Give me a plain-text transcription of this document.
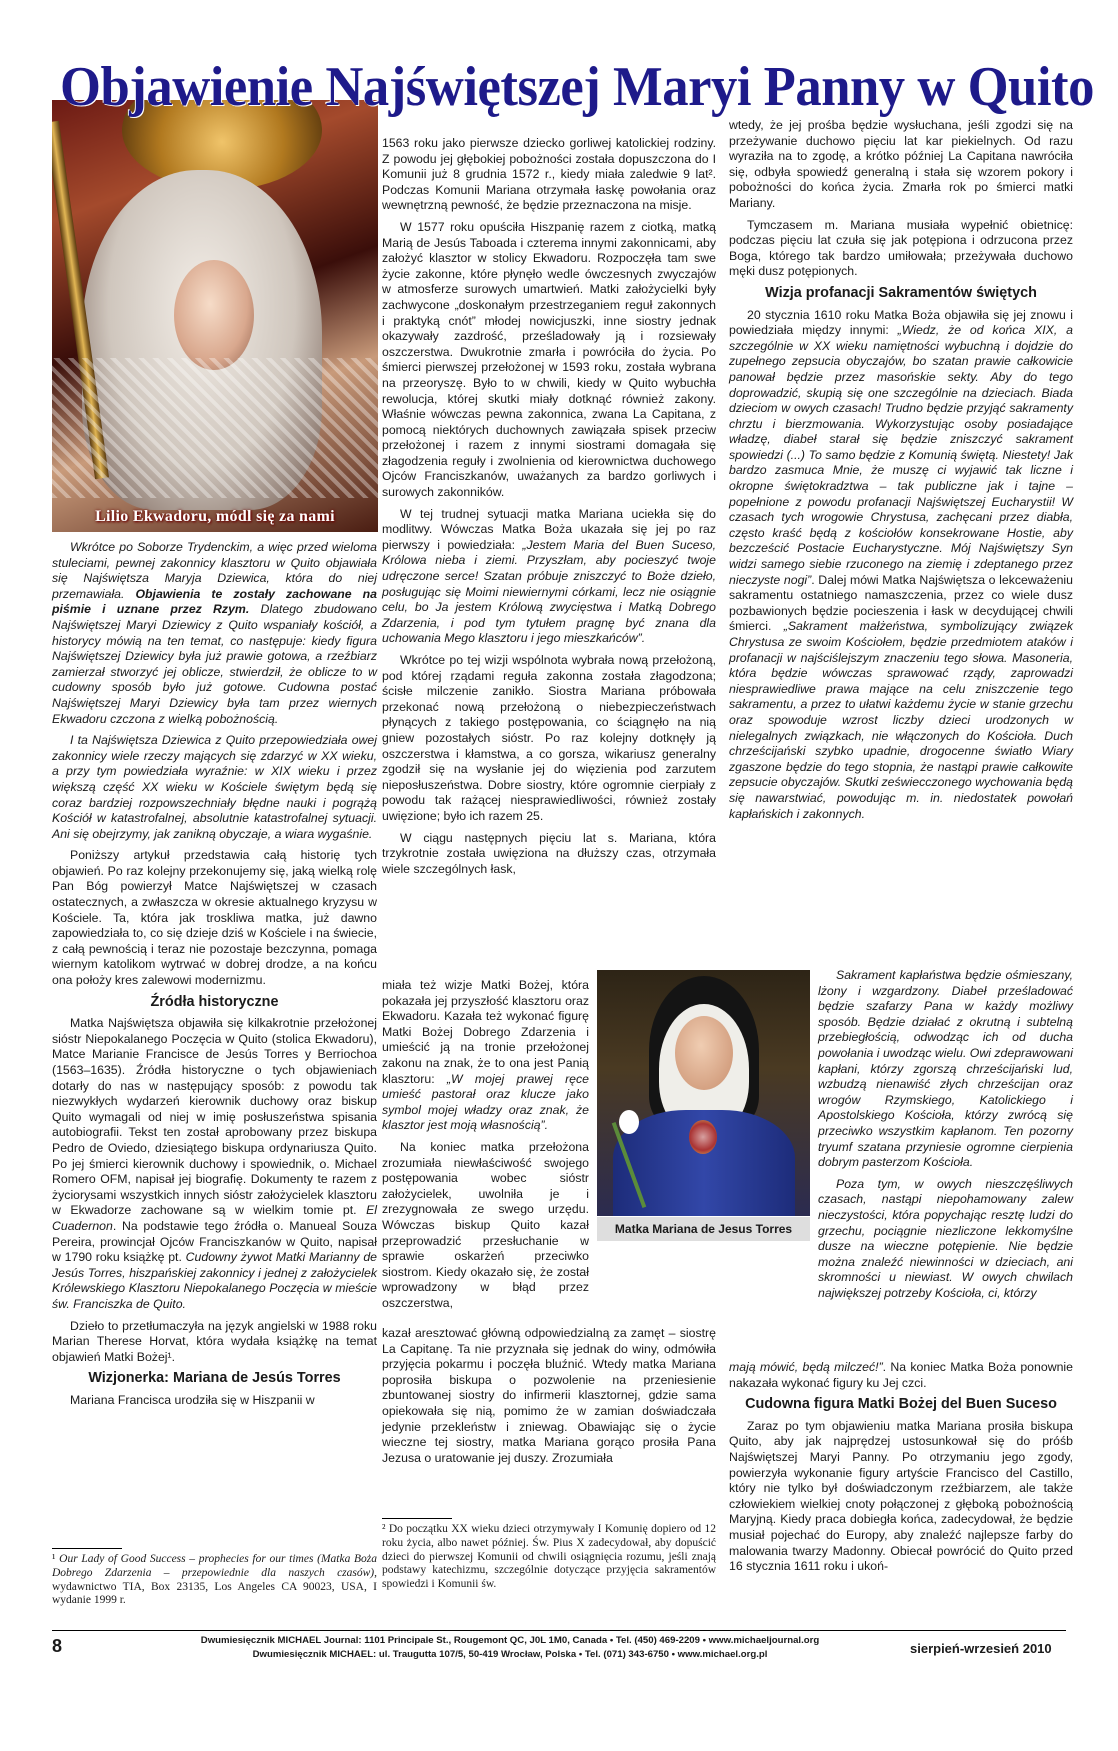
Lilio Ekwadoru, módl się za nami
Objawienie Najświętszej Maryi Panny w Quito

Wkrótce po Soborze Trydenckim, a więc przed wieloma stuleciami, pewnej zakonnicy klasztoru w Quito objawiała się Najświętsza Maryja Dziewica, która do niej przemawiała. Objawienia te zostały zachowane na piśmie i uznane przez Rzym. Dlatego zbudowano Najświętszej Maryi Dziewicy z Quito wspaniały kościół, a historycy mówią na ten temat, co następuje: kiedy figura Najświętszej Dziewicy była już prawie gotowa, a rzeźbiarz zamierzał stworzyć jej oblicze, stwierdził, że oblicze to w cudowny sposób było już gotowe. Cudowna postać Najświętszej Maryi Dziewicy była tam przez wiernych Ekwadoru czczona z wielką pobożnością.

I ta Najświętsza Dziewica z Quito przepowiedziała owej zakonnicy wiele rzeczy mających się zdarzyć w XX wieku, a przy tym powiedziała wyraźnie: w XIX wieku i przez większą część XX wieku w Kościele świętym będą się coraz bardziej rozpowszechniały błędne nauki i pogrążą Kościół w katastrofalnej, absolutnie katastrofalnej sytuacji. Ani się obejrzymy, jak zanikną obyczaje, a wiara wygaśnie.

Poniższy artykuł przedstawia całą historię tych objawień. Po raz kolejny przekonujemy się, jaką wielką rolę Pan Bóg powierzył Matce Najświętszej w czasach ostatecznych, a zwłaszcza w okresie aktualnego kryzysu w Kościele. Ta, która jak troskliwa matka, już dawno zapowiedziała to, co się dzieje dziś w Kościele i na świecie, z całą pewnością i teraz nie pozostaje bezczynna, pomaga wiernym katolikom wytrwać w dobrej drodze, a na końcu ona położy kres zalewowi modernizmu.

Źródła historyczne

Matka Najświętsza objawiła się kilkakrotnie przełożonej sióstr Niepokalanego Poczęcia w Quito (stolica Ekwadoru), Matce Marianie Francisce de Jesús Torres y Berriochoa (1563–1635). Źródła historyczne o tych objawieniach dotarły do nas w następujący sposób: z powodu tak niezwykłych wydarzeń kierownik duchowy oraz biskup Quito wymagali od niej w imię posłuszeństwa spisania autobiografii. Tekst ten został aprobowany przez biskupa Pedro de Oviedo, dziesiątego biskupa ordynariusza Quito. Po jej śmierci kierownik duchowy i spowiednik, o. Michael Romero OFM, napisał jej biografię. Dokumenty te razem z życiorysami wszystkich innych sióstr założycielek klasztoru w Ekwadorze zachowane są w wielkim tomie pt. El Cuadernon. Na podstawie tego źródła o. Manueal Souza Pereira, prowincjał Ojców Franciszkanów w Quito, napisał w 1790 roku książkę pt. Cudowny żywot Matki Marianny de Jesús Torres, hiszpańskiej zakonnicy i jednej z założycielek Królewskiego Klasztoru Niepokalanego Poczęcia w mieście św. Franciszka de Quito.

Dzieło to przetłumaczyła na język angielski w 1988 roku Marian Therese Horvat, która wydała książkę na temat objawień Matki Bożej¹.

Wizjonerka: Mariana de Jesús Torres

Mariana Francisca urodziła się w Hiszpanii w

¹ Our Lady of Good Success – prophecies for our times (Matka Boża Dobrego Zdarzenia – przepowiednie dla naszych czasów), wydawnictwo TIA, Box 23135, Los Angeles CA 90023, USA, I wydanie 1999 r.

1563 roku jako pierwsze dziecko gorliwej katolickiej rodziny. Z powodu jej głębokiej pobożności została dopuszczona do I Komunii już 8 grudnia 1572 r., kiedy miała zaledwie 9 lat². Podczas Komunii Mariana otrzymała łaskę powołania oraz wewnętrzną pewność, że będzie przeznaczona na misje.

W 1577 roku opuściła Hiszpanię razem z ciotką, matką Marią de Jesús Taboada i czterema innymi zakonnicami, aby założyć klasztor w stolicy Ekwadoru. Rozpoczęła tam swe życie zakonne, które płynęło wedle ówczesnych zwyczajów w atmosferze surowych umartwień. Matki założycielki były zachwycone „doskonałym przestrzeganiem reguł zakonnych i praktyką cnót” młodej nowicjuszki, inne siostry jednak okazywały zazdrość, prześladowały ją i rozsiewały oszczerstwa. Dwukrotnie zmarła i powróciła do życia. Po śmierci pierwszej przełożonej w 1593 roku, została wybrana na przeoryszę. Było to w chwili, kiedy w Quito wybuchła rewolucja, której skutki miały dotknąć również zakony. Właśnie wówczas pewna zakonnica, zwana La Capitana, z pomocą niektórych duchownych zawiązała spisek przeciw przełożonej i razem z innymi siostrami domagała się złagodzenia reguły i zwolnienia od kierownictwa duchowego Ojców Franciszkanów, uważanych za bardzo gorliwych i surowych zakonników.

W tej trudnej sytuacji matka Mariana uciekła się do modlitwy. Wówczas Matka Boża ukazała się jej po raz pierwszy i powiedziała: „Jestem Maria del Buen Suceso, Królowa nieba i ziemi. Przyszłam, aby pocieszyć twoje udręczone serce! Szatan próbuje zniszczyć to Boże dzieło, posługując się Moimi niewiernymi córkami, lecz nie osiągnie celu, bo Ja jestem Królową zwycięstwa i Matką Dobrego Zdarzenia, i pod tym tytułem pragnę być znana dla uchowania Mego klasztoru i jego mieszkańców”.

Wkrótce po tej wizji wspólnota wybrała nową przełożoną, pod której rządami reguła zakonna została złagodzona; ścisłe milczenie zanikło. Siostra Mariana próbowała przekonać nową przełożoną o niebezpieczeństwach płynących z takiego postępowania, co ściągnęło na nią gniew pozostałych sióstr. Po raz kolejny dotknęły ją oszczerstwa i kłamstwa, a co gorsza, wikariusz generalny zgodził się na wysłanie jej do więzienia pod zarzutem nieposłuszeństwa. Dobre siostry, które ogromnie cierpiały z powodu tak rażącej niesprawiedliwości, również zostały uwięzione; było ich razem 25.

W ciągu następnych pięciu lat s. Mariana, która trzykrotnie została uwięziona na dłuższy czas, otrzymała wiele szczególnych łask,

miała też wizje Matki Bożej, która pokazała jej przyszłość klasztoru oraz Ekwadoru. Kazała też wykonać figurę Matki Bożej Dobrego Zdarzenia i umieścić ją na tronie przełożonej zakonu na znak, że to ona jest Panią klasztoru: „W mojej prawej ręce umieść pastorał oraz klucze jako symbol mojej władzy oraz znak, że klasztor jest moją własnością”.

Na koniec matka przełożona zrozumiała niewłaściwość swojego postępowania wobec sióstr założycielek, uwolniła je i zrezygnowała ze swego urzędu. Wówczas biskup Quito kazał przeprowadzić przesłuchanie w sprawie oskarżeń przeciwko siostrom. Kiedy okazało się, że został wprowadzony w błąd przez oszczerstwa,

kazał aresztować główną odpowiedzialną za zamęt – siostrę La Capitanę. Ta nie przyznała się jednak do winy, odmówiła przyjęcia pokarmu i poczęła bluźnić. Wtedy matka Mariana poprosiła biskupa o pozwolenie na przeniesienie zbuntowanej siostry do infirmerii klasztornej, gdzie sama opiekowała się nią, pomimo że w zamian doświadczała jedynie przekleństw i zniewag. Obawiając się o życie wieczne tej siostry, matka Mariana gorąco prosiła Pana Jezusa o uratowanie jej duszy. Zrozumiała

² Do początku XX wieku dzieci otrzymywały I Komunię dopiero od 12 roku życia, albo nawet później. Św. Pius X zadecydował, aby dopuścić dzieci do pierwszej Komunii od chwili osiągnięcia rozumu, jeśli znają podstawy katechizmu, szczególnie dotyczące przyjęcia sakramentów spowiedzi i Komunii św.
Matka Mariana de Jesus Torres

wtedy, że jej prośba będzie wysłuchana, jeśli zgodzi się na przeżywanie duchowo pięciu lat kar piekielnych. Od razu wyraziła na to zgodę, a krótko później La Capitana nawróciła się, odbyła spowiedź generalną i stała się wzorem pokory i pobożności do końca życia. Zmarła rok po śmierci matki Mariany.

Tymczasem m. Mariana musiała wypełnić obietnicę: podczas pięciu lat czuła się jak potępiona i odrzucona przez Boga, którego tak bardzo umiłowała; przeżywała duchowo męki dusz potępionych.

Wizja profanacji Sakramentów świętych

20 stycznia 1610 roku Matka Boża objawiła się jej znowu i powiedziała między innymi: „Wiedz, że od końca XIX, a szczególnie w XX wieku namiętności wybuchną i dojdzie do zupełnego zepsucia obyczajów, bo szatan prawie całkowicie panował będzie przez masońskie sekty. Aby do tego doprowadzić, skupią się one szczególnie na dzieciach. Biada dzieciom w owych czasach! Trudno będzie przyjąć sakramenty chrztu i bierzmowania. Wykorzystując osoby posiadające władzę, diabeł starał się będzie zniszczyć sakrament spowiedzi (...) To samo będzie z Komunią świętą. Niestety! Jak bardzo zasmuca Mnie, że muszę ci wyjawić tak liczne i okropne świętokradztwa – tak publiczne jak i tajne – popełnione z powodu profanacji Najświętszej Eucharystii! W czasach tych wrogowie Chrystusa, zachęcani przez diabła, często kraść będą z kościołów konsekrowane Hostie, aby bezcześcić Postacie Eucharystyczne. Mój Najświętszy Syn widzi samego siebie rzuconego na ziemię i zdeptanego przez nieczyste nogi”. Dalej mówi Matka Najświętsza o lekceważeniu sakramentu ostatniego namaszczenia, przez co wiele dusz pozbawionych będzie pocieszenia i łask w decydującej chwili śmierci. „Sakrament małżeństwa, symbolizujący związek Chrystusa ze swoim Kościołem, będzie przedmiotem ataków i profanacji w najściślejszym znaczeniu tego słowa. Masoneria, która będzie wówczas sprawować rządy, zaprowadzi niesprawiedliwe prawa mające na celu zniszczenie tego sakramentu, a przez to ułatwi każdemu życie w stanie grzechu oraz spowoduje wzrost liczby dzieci urodzonych w nielegalnych związkach, nie włączonych do Kościoła. Duch chrześcijański szybko upadnie, drogocenne światło Wiary zgaszone będzie do tego stopnia, że nastąpi prawie całkowite zepsucie obyczajów. Skutki zeświecczonego wychowania będą się nawarstwiać, powodując m. in. niedostatek powołań kapłańskich i zakonnych.

Sakrament kapłaństwa będzie ośmieszany, lżony i wzgardzony. Diabeł prześladować będzie szafarzy Pana w każdy możliwy sposób. Będzie działać z okrutną i subtelną przebiegłością, odwodząc ich od ducha powołania i uwodząc wielu. Owi zdeprawowani kapłani, którzy zgorszą chrześcijański lud, wzbudzą nienawiść złych chrześcijan oraz wrogów Rzymskiego, Katolickiego i Apostolskiego Kościoła, którzy zwrócą się przeciwko wszystkim kapłanom. Ten pozorny tryumf szatana przyniesie ogromne cierpienia dobrym pasterzom Kościoła.

Poza tym, w owych nieszczęśliwych czasach, nastąpi niepohamowany zalew nieczystości, która popychając resztę ludzi do grzechu, pociągnie niezliczone lekkomyślne dusze na wieczne potępienie. Nie będzie można znaleźć niewinności w dzieciach, ani skromności u niewiast. W owych chwilach największej potrzeby Kościoła, ci, którzy

mają mówić, będą milczeć!”. Na koniec Matka Boża ponownie nakazała wykonać figury ku Jej czci.

Cudowna figura Matki Bożej del Buen Suceso

Zaraz po tym objawieniu matka Mariana prosiła biskupa Quito, aby jak najprędzej ustosunkował się do próśb Najświętszej Maryi Panny. Po otrzymaniu jego zgody, powierzyła wykonanie figury artyście Francisco del Castillo, który nie tylko był doświadczonym rzeźbiarzem, ale także człowiekiem wielkiej cnoty połączonej z głęboką pobożnością Maryjną. Kiedy praca dobiegła końca, zadecydował, że będzie musiał pojechać do Europy, aby znaleźć najlepsze farby do malowania twarzy Madonny. Obiecał powrócić do Quito przed 16 stycznia 1611 roku i ukoń-

8	Dwumiesięcznik MICHAEL Journal: 1101 Principale St., Rougemont QC, J0L 1M0, Canada • Tel. (450) 469-2209 • www.michaeljournal.org
Dwumiesięcznik MICHAEL: ul. Traugutta 107/5, 50-419 Wrocław, Polska • Tel. (071) 343-6750 • www.michael.org.pl	sierpień-wrzesień 2010
